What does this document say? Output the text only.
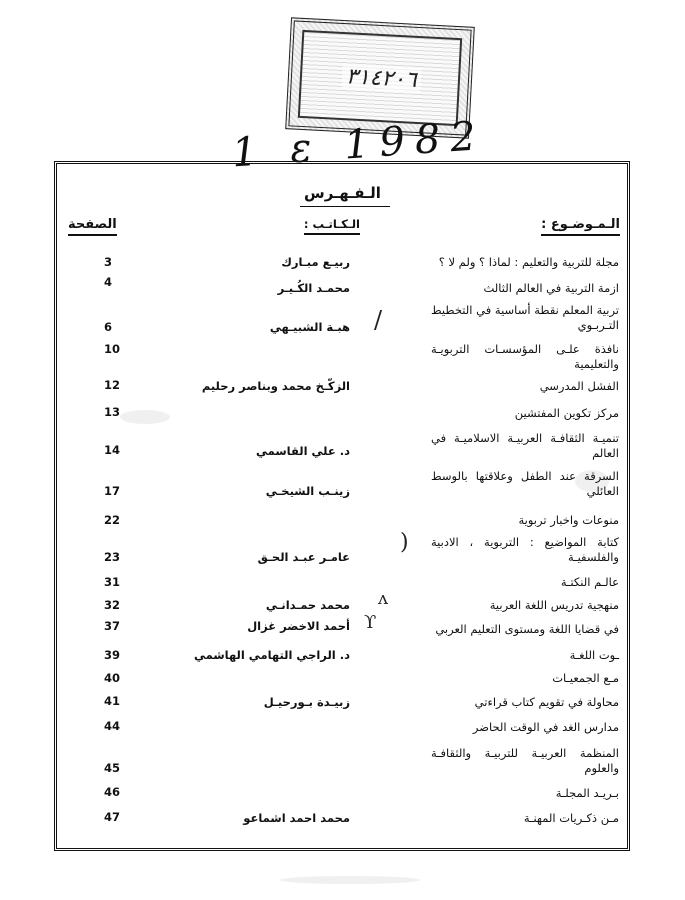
٣١٤٢٠٦
1 ε 1982
الـفـهـرس
الـمـوضـوع :
الـكـاتـب :
الصفحة
مجلة للتربية والتعليم : لماذا ؟ ولم لا ؟
ربيـع مبـارك
3
ازمة التربية في العالم الثالث
محمـد الكُـيـر
4
تربية المعلم نقطة أساسية في التخطيط التـربـوي
هبـة الشبيـهي
6
نافذة علـى المؤسسـات التربويـة والتعليمية
10
الفشل المدرسي
الزكّـخ محمد وبناصر رحليم
12
مركز تكوين المفتشين
13
تنميـة الثقافـة العربيـة الاسلاميـة في العالم
د. علي القاسمي
14
السرقة عند الطفل وعلاقتها بالوسط العائلي
زينـب الشيخـي
17
منوعات واخبار تربوية
22
كتابة المواضيع : التربوية ، الادبية والفلسفيـة
عامـر عبـد الحـق
23
عالـم النكتـة
31
منهجية تدريس اللغة العربية
محمد حمـدانـي
32
في قضايا اللغة ومستوى التعليم العربي
أحمد الاخضر غزال
37
ـوت اللغـة
د. الراجي التهامي الهاشمي
39
مـع الجمعيـات
40
محاولة في تقويم كتاب قراءتي
زبيـدة بـورحيـل
41
مدارس الغد في الوقت الحاضر
44
المنظمة العربيـة للتربيـة والثقافـة والعلوم
45
بـريـد المجلـة
46
مـن ذكـريات المهنـة
محمد احمد اشماعو
47
/
)
ʌ
ϒ
